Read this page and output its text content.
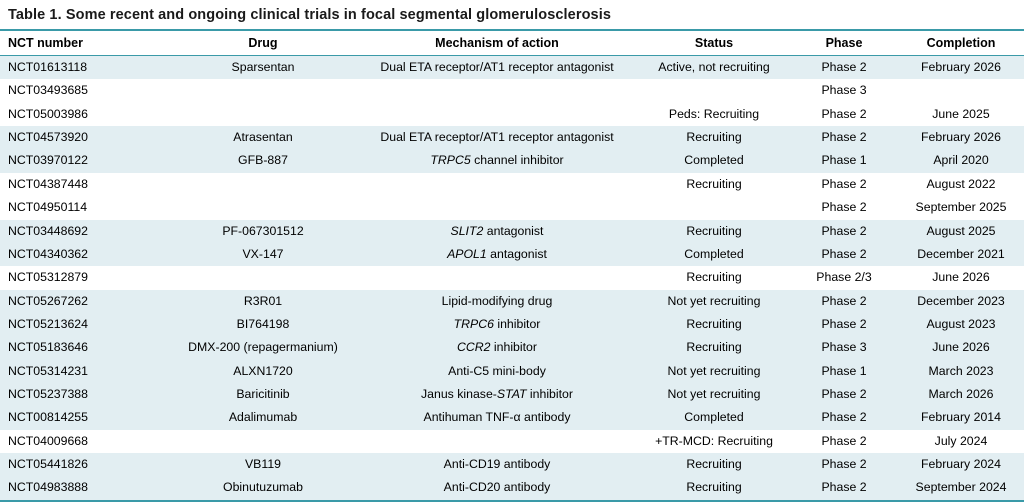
Table 1. Some recent and ongoing clinical trials in focal segmental glomerulosclerosis
NCT number	Drug	Mechanism of action	Status	Phase	Completion
NCT01613118	Sparsentan	Dual ETA receptor/AT1 receptor antagonist	Active, not recruiting	Phase 2	February 2026
NCT03493685				Phase 3	
NCT05003986			Peds: Recruiting	Phase 2	June 2025
NCT04573920	Atrasentan	Dual ETA receptor/AT1 receptor antagonist	Recruiting	Phase 2	February 2026
NCT03970122	GFB-887	TRPC5 channel inhibitor	Completed	Phase 1	April 2020
NCT04387448			Recruiting	Phase 2	August 2022
NCT04950114				Phase 2	September 2025
NCT03448692	PF-067301512	SLIT2 antagonist	Recruiting	Phase 2	August 2025
NCT04340362	VX-147	APOL1 antagonist	Completed	Phase 2	December 2021
NCT05312879			Recruiting	Phase 2/3	June 2026
NCT05267262	R3R01	Lipid-modifying drug	Not yet recruiting	Phase 2	December 2023
NCT05213624	BI764198	TRPC6 inhibitor	Recruiting	Phase 2	August 2023
NCT05183646	DMX-200 (repagermanium)	CCR2 inhibitor	Recruiting	Phase 3	June 2026
NCT05314231	ALXN1720	Anti-C5 mini-body	Not yet recruiting	Phase 1	March 2023
NCT05237388	Baricitinib	Janus kinase-STAT inhibitor	Not yet recruiting	Phase 2	March 2026
NCT00814255	Adalimumab	Antihuman TNF-α antibody	Completed	Phase 2	February 2014
NCT04009668			+TR-MCD: Recruiting	Phase 2	July 2024
NCT05441826	VB119	Anti-CD19 antibody	Recruiting	Phase 2	February 2024
NCT04983888	Obinutuzumab	Anti-CD20 antibody	Recruiting	Phase 2	September 2024
